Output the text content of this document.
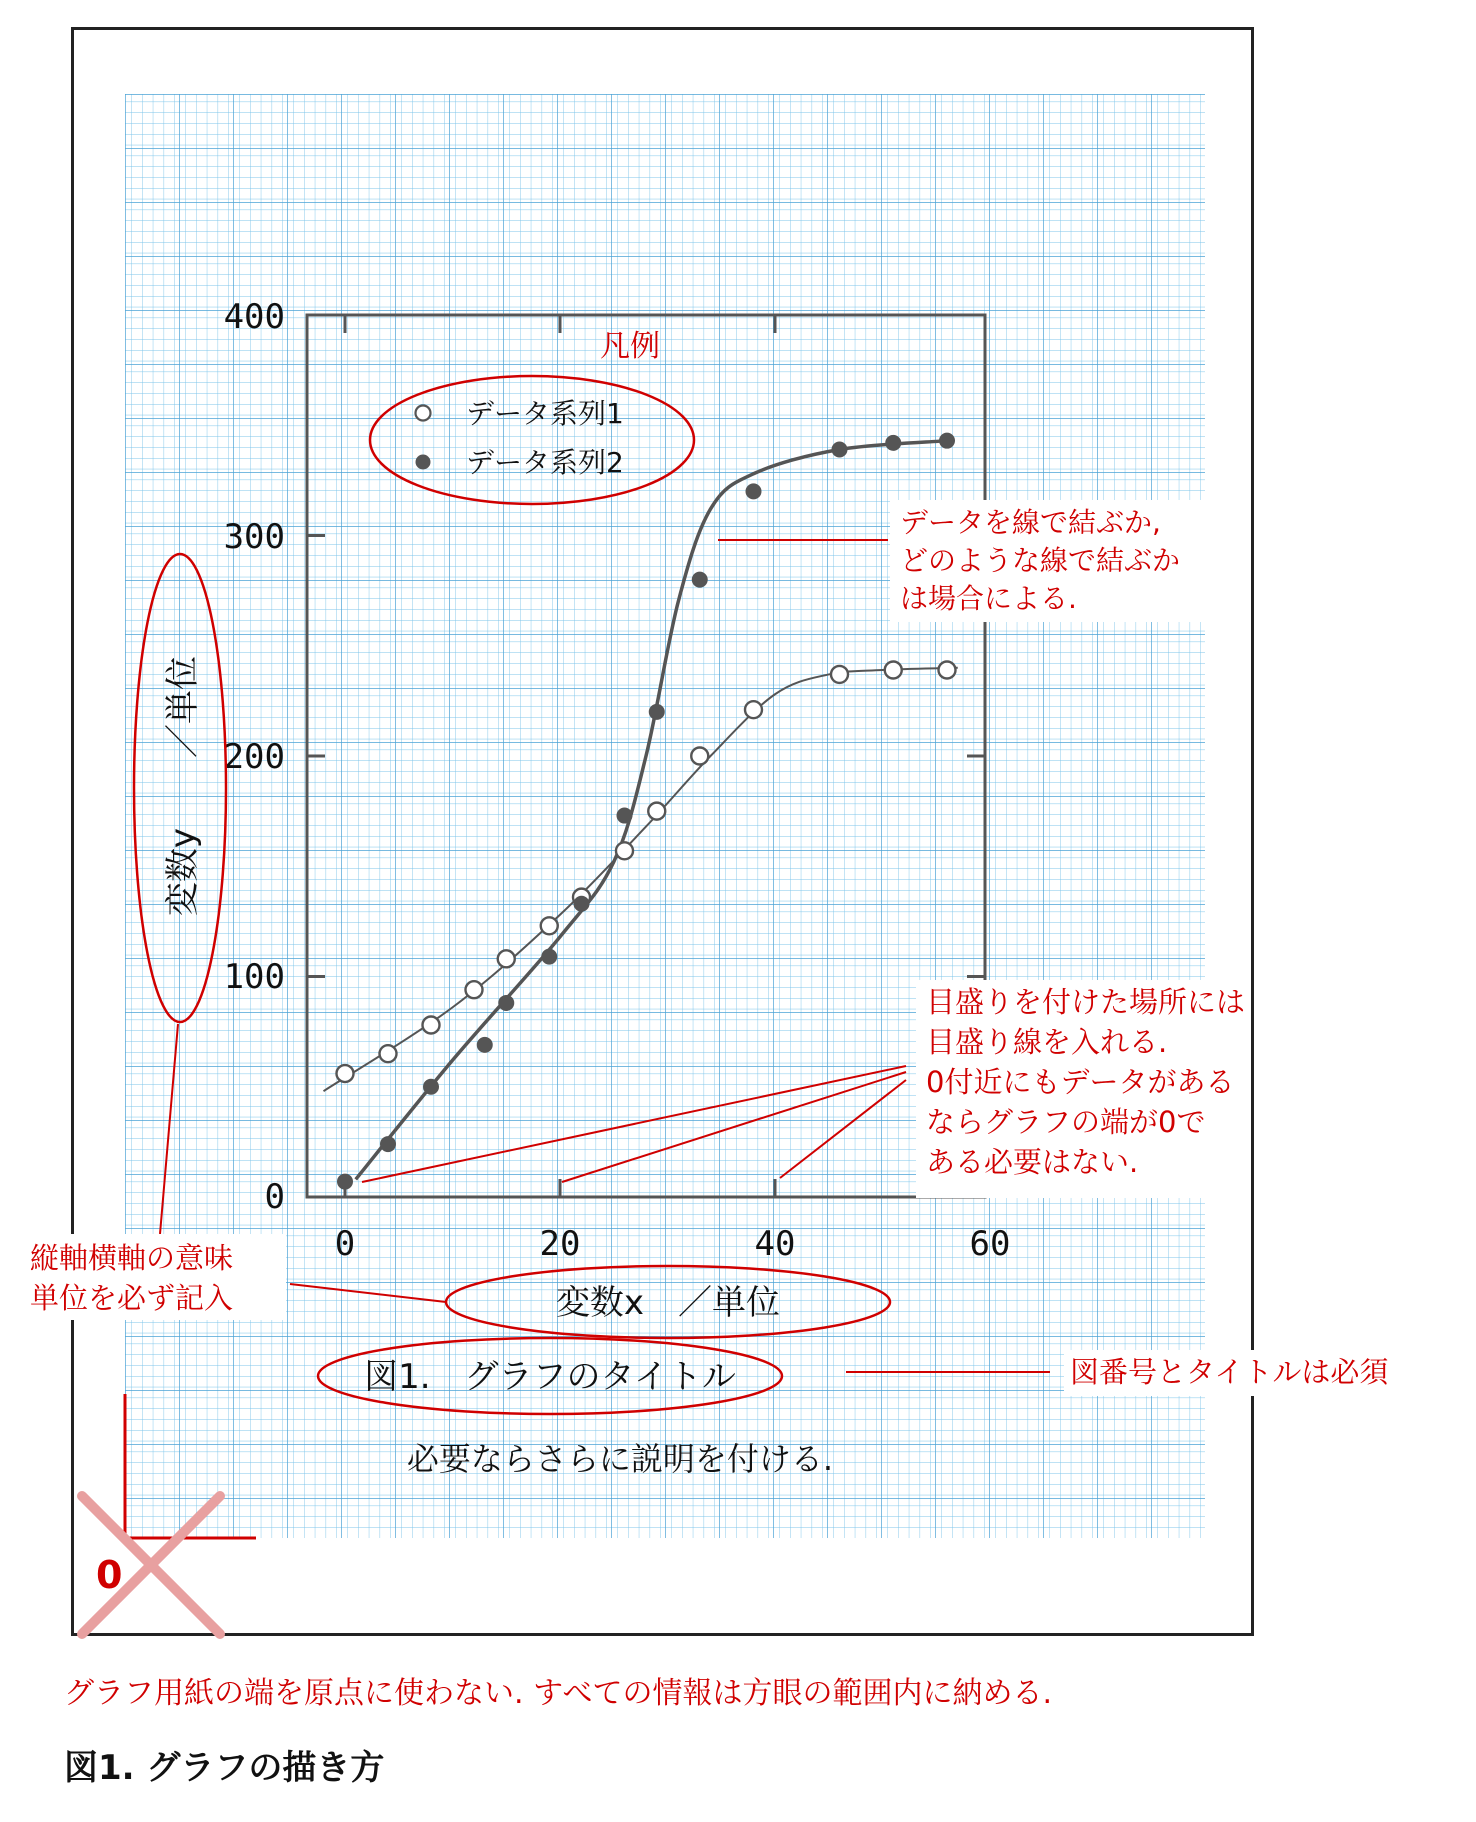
0
100
200
300
400
0	20	40	60
凡例
データ系列1
データ系列2
変数y
／単位
変数x　／単位
図1.　グラフのタイトル
必要ならさらに説明を付ける.
データを線で結ぶか,
どのような線で結ぶか
は場合による.
目盛りを付けた場所には
目盛り線を入れる.
0付近にもデータがある
ならグラフの端が0で
ある必要はない.
縦軸横軸の意味
単位を必ず記入
図番号とタイトルは必須
0
グラフ用紙の端を原点に使わない. すべての情報は方眼の範囲内に納める.
図1. グラフの描き方
